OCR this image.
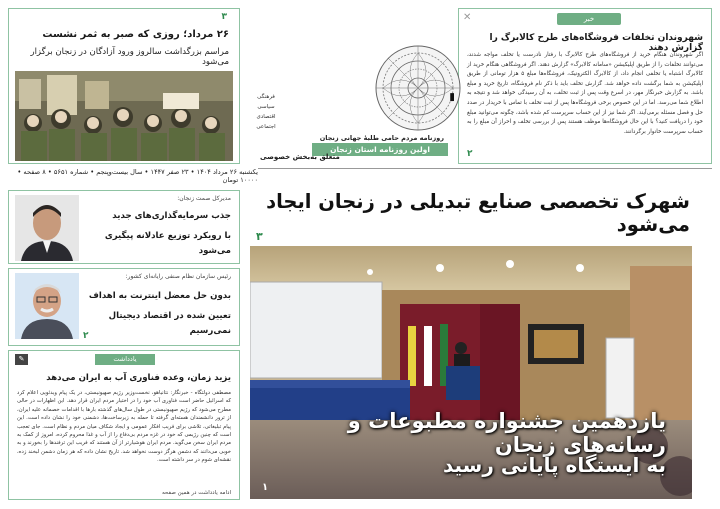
✕	خبر
شهروندان تخلفات فروشگاه‌های طرح کالابرگ را گزارش دهند
اگر شهروندان هنگام خرید از فروشگاه‌های طرح کالابرگ با رفتار نادرست یا تخلف مواجه شدند، می‌توانند تخلفات را از طریق اپلیکیشن «سامانه کالابرگ» گزارش دهند. اگر فروشگاهی هنگام خرید از کالابرگ اشتباه یا تخلفی انجام داد، از کالابرگ الکترونیک، فروشگاه‌ها مبلغ ۵ هزار تومانی از طریق اپلیکیشن به شما برگشت داده خواهد شد. گزارش تخلف باید با ذکر نام فروشگاه، تاریخ خرید و مبلغ باشد. به گزارش خبرنگار مهر، در اسرع وقت پس از ثبت تخلف، به آن رسیدگی خواهد شد و نتیجه به اطلاع شما می‌رسد. اما در این خصوص برخی فروشگاه‌ها پس از ثبت تخلف با تماس با خریدار در صدد حل و فصل مسئله برمی‌آیند. اگر شما نیز از این حساب سرپرست کم شده باشد، چگونه می‌توانید مبلغ خود را دریافت کنید؟ با این حال فروشگاه‌ها موظف هستند پس از بررسی تخلف و احراز آن مبلغ را به حساب سرپرست خانوار برگردانند.
۲
فرهنگی
سیاسی
اقتصادی
اجتماعی
روزنامه مردم حامی طلبهٔ جهانی زنجان
اولین روزنامه استان زنجان
متعلق به‌بخش خصوصی
۳
۲۶ مرداد؛ روزی که صبر به ثمر نشست
مراسم بزرگداشت سالروز ورود آزادگان در زنجان برگزار می‌شود
یکشنبه ۲۶ مرداد ۱۴۰۴ • ۲۳ صفر ۱۴۴۷ • سال بیست‌وپنجم • شماره ۵۶۵۱ • ۸ صفحه • ۱۰۰۰۰ تومان
شهرک تخصصی صنایع تبدیلی در زنجان ایجاد می‌شود
۳
یازدهمین جشنواره مطبوعات و رسانه‌های زنجان
به ایستگاه پایانی رسید
۱
مدیرکل صمت زنجان:
جذب سرمایه‌گذاری‌های جدید
با رویکرد توزیع عادلانه پیگیری می‌شود
رئیس سازمان نظام صنفی رایانه‌ای کشور:
بدون حل معضل اینترنت به اهداف
تعیین شده در اقتصاد دیجیتال نمی‌رسیم
۲
✎	یادداشت
یزید زمان، وعده فناوری آب به ایران می‌دهد
مصطفی دولتگاه - خبرنگار: نتانیاهو، نخست‌وزیر رژیم صهیونیستی، در یک پیام ویدئویی اعلام کرد که اسرائیل حاضر است فناوری آب خود را در اختیار مردم ایران قرار دهد. این اظهارات در حالی مطرح می‌شود که رژیم صهیونیستی در طول سال‌های گذشته بارها با اقدامات خصمانه علیه ایران، از ترور دانشمندان هسته‌ای گرفته تا حمله به زیرساخت‌ها، دشمنی خود را نشان داده است. این پیام تبلیغاتی، تلاشی برای فریب افکار عمومی و ایجاد شکاف میان مردم و نظام است. جای تعجب است که چنین رژیمی که خود در غزه مردم بی‌دفاع را از آب و غذا محروم کرده، امروز از کمک به مردم ایران سخن می‌گوید. مردم ایران هوشیارتر از آن هستند که فریب این ترفندها را بخورند و به خوبی می‌دانند که دشمن هرگز دوست نخواهد شد. تاریخ نشان داده که هر زمان دشمن لبخند زده، نقشه‌ای شوم در سر داشته است.
ادامه یادداشت در همین صفحه
